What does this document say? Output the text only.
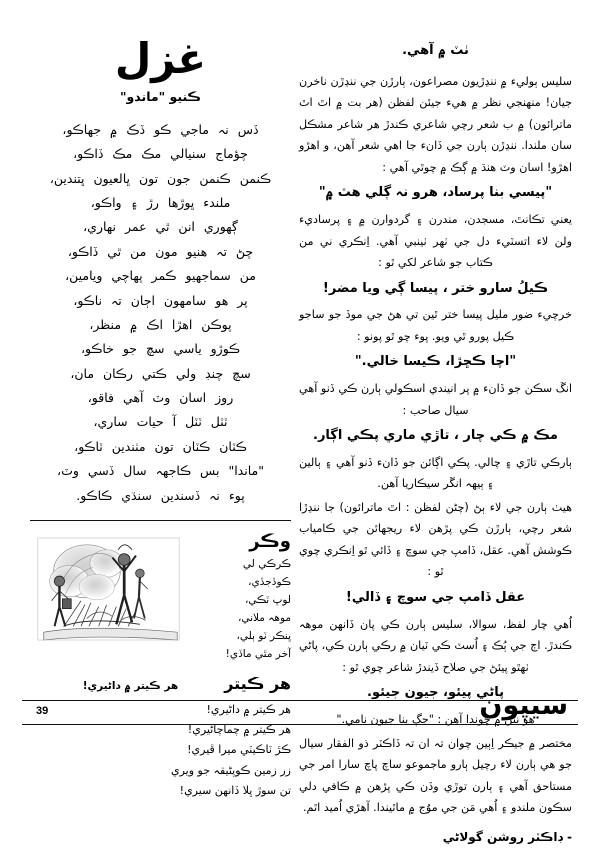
ٺٽ ۾ آهي.
سليس ٻوليء ۾ ننڍڙيون مصراعون، ٻارڙن جي ننڍڙن ناخرن جيان! منهنجي نظر ۾ هيء جيئن لفظن (هر بت ۾ اٿ اٿ ماترائون) ۾ ب شعر رچي شاعري ڪندڙ هر شاعر مشڪل سان ملندا. ننڍڙن ٻارن جي ڏانء جا اهي شعر آهن، و اهڙو اهڙو! اسان وٽ هنڌ ۾ ڳڪ ۾ چوٿي آهي :
"پيسي بنا پرساد، هرو نہ ڳلي هٽ ۾"
يعني تڪانٿ، مسجدن، مندرن ۽ گردوارن ۾ ۽ پرساديء ولن لاء اتسٽيء دل جي ٺهر ٺينبي آهي. اِنڪري ني من ڪتاب جو شاعر لکي ٿو :
ڪيلُ سارو ختر ، پيسا ڳي ويا مضر!
خرچيء ضور مليل پيسا ختر ٿين تي هڻ جي موڏ جو ساجو ڪيل پورو ٿي ويو. پوء چو ٿو پونو :
"اچا ڪڇڙا، ڪيسا خالي."
انڱ سڪن جو ڏانء ۾ پر انيندي اسڪولي ٻارن ڪي ڏنو آهي سيال صاحب :
مڪ ۾ ڪي چار ، تاڙي ماري پڪي اڳار.
ٻارڪي تاڙي ۽ چالي. پڪي اڳائن جو ڏانء ڏنو آهي ۽ ٻالين ۽ ٻيهہ انڱر سيڪاريا آهن.
هيٺ ٻارن جي لاء ٻڻ (چڻن لفظن : اٿ ماترائون) جا ننڍڙا شعر رچي، ٻارڙن ڪي پڙهن لاء ريجهائن جي ڪامياب ڪوشش آهي. عقل، ڏامپ جي سوچ ۽ ڏائي ٿو اِنڪري چوي ٿو :
عقل ڏامپ جي سوچ ۽ ڏالي!
اُهي چار لفظ، سوالا، سليس ٻارن ڪي پان ڏانهن موهہ ڪندڙ. اڄ جي ٻُڪ ۽ اُسٽ ڪي ٽيان ۾ رڪي ٻارن ڪي، پاڻي ٺهٿو پيئڻ جي صلاح ڏيندڙ شاعر چوي ٿو :
پاڻي پيئو، جيون جيئو.
هو نئن ۾ چوندا آهن : "جڳ بنا جيون نامي."
مختصر ۾ جيڪر اِٻين چوان تہ ان تہ ڏاڪٽر ذو الفقار سيال جو هي ٻارن لاء رچيل ٻارو ماجموعو ساچ پاچ سارا امر جي مستاحق آهي ۽ ٻارن توڙي وڏن ڪي پڙهن ۾ ڪافي دلي سڪون ملندو ۽ اُهي مَن جي موُج ۾ ماٿيندا. آهڙي اُميد اٿم.
- ڊاڪٽر روشن گولاڻي
غزل
ڪنيو "ماندو"
ڏس نہ ماجي ڪو ڏڪ ۾ جهاڪو،
چؤماج سنيالي مڪ مڪ ڏاڪو،
ڪنمن ڪنمن جون تون ڀالعيون ڀتندين،
ملندء ڀوڙها رڙ ۽ واڪو،
ڳهوري انن ٿي عمر نهاري،
چڻ تہ هنيو مون من ٿي ڏاڪو،
من سماجهيو ڪمر پهاچي ويامين،
پر هو سامهون اڄان تہ ناڪو،
پوڪن اهڙا اڪ ۾ منظر،
ڪوڙو ياسي سچ جو خاڪو،
سچ چنڊ ولي ڪتي رڪان مان،
روز اسان وٽ آهي فاقو،
ٽٽل ٽٽل آ حيات ساري،
ڪٽان ڪٽان تون مٺندين ٽاڪو،
"ماندا" بس ڪاجهہ سال ڏسي وٽ،
پوء نہ ڏسندين سنڌي ڪاڪو.
وڪر
ڪرڪي لي
ڪوڏجڏي،
لوپ ٽڪي،
موهہ ملاني،
ڀنڪر ٽو ٻلي،
آخر مٿي ماڏي!
هر ڪيتر
هر ڪيتر ۾ داڻيري!
هر ڪيتر ۾ داڻيري!
هر ڪيتر ۾ چماچاڻيري!
ڪڙ ٽاڪيٽي ميرا ڦيري!
زر زمين ڪوپڻيقہ جو ويري
تن سوڙ ڀلا ڏانهن سيري!
39	سيپون
